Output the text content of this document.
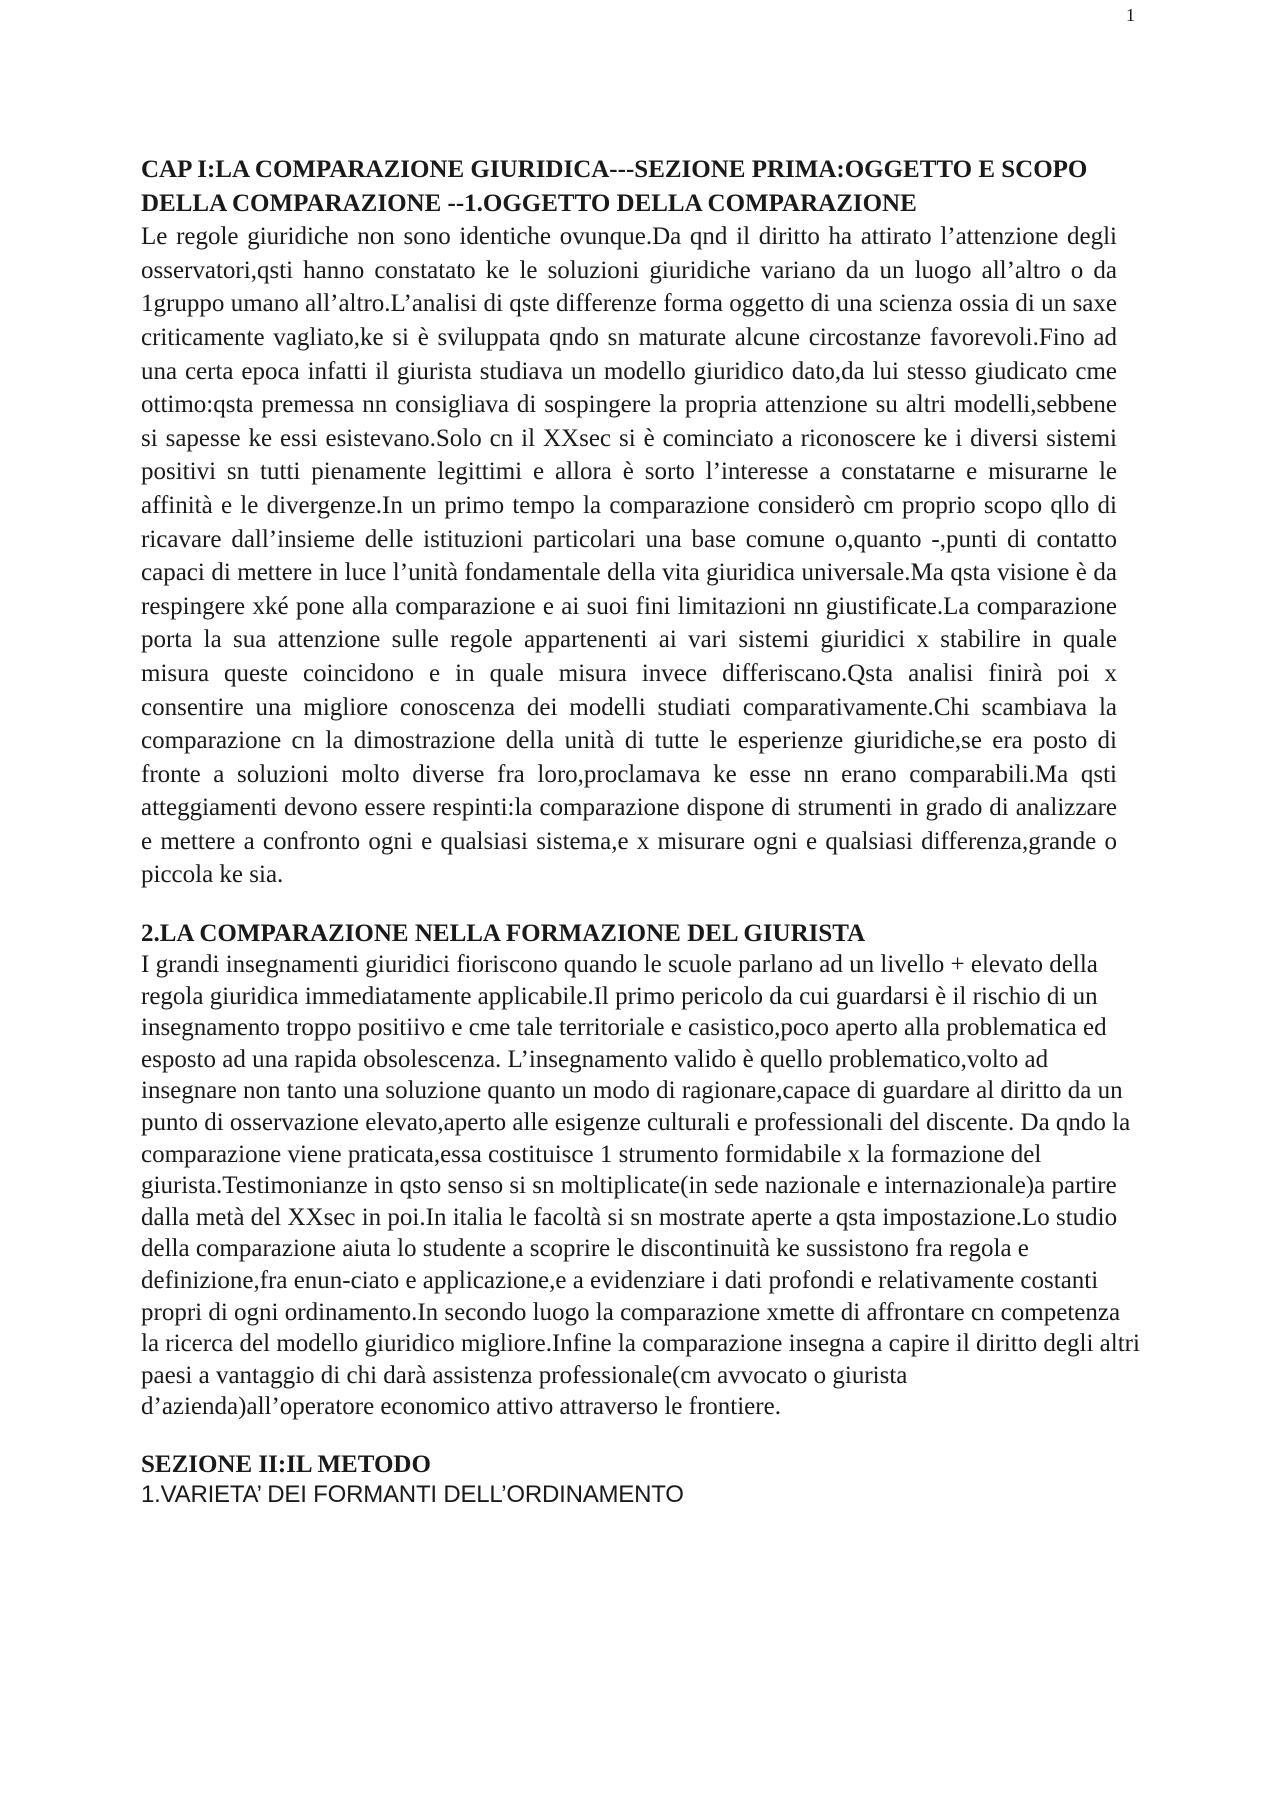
1

CAP I:LA COMPARAZIONE GIURIDICA---SEZIONE PRIMA:OGGETTO E SCOPO DELLA COMPARAZIONE --1.OGGETTO DELLA COMPARAZIONE

Le regole giuridiche non sono identiche ovunque.Da qnd il diritto ha attirato l’attenzione degli osservatori,qsti hanno constatato ke le soluzioni giuridiche variano da un luogo all’altro o da 1gruppo umano all’altro.L’analisi di qste differenze forma oggetto di una scienza ossia di un saxe criticamente vagliato,ke si è sviluppata qndo sn maturate alcune circostanze favorevoli.Fino ad una certa epoca infatti il giurista studiava un modello giuridico dato,da lui stesso giudicato cme ottimo:qsta premessa nn consigliava di sospingere la propria attenzione su altri modelli,sebbene si sapesse ke essi esistevano.Solo cn il XXsec si è cominciato a riconoscere ke i diversi sistemi positivi sn tutti pienamente legittimi e allora è sorto l’interesse a constatarne e misurarne le affinità e le divergenze.In un primo tempo la comparazione considerò cm proprio scopo qllo di ricavare dall’insieme delle istituzioni particolari una base comune o,quanto -,punti di contatto capaci di mettere in luce l’unità fondamentale della vita giuridica universale.Ma qsta visione è da respingere xké pone alla comparazione e ai suoi fini limitazioni nn giustificate.La comparazione porta la sua attenzione sulle regole appartenenti ai vari sistemi giuridici x stabilire in quale misura queste coincidono e in quale misura invece differiscano.Qsta analisi finirà poi x consentire una migliore conoscenza dei modelli studiati comparativamente.Chi scambiava la comparazione cn la dimostrazione della unità di tutte le esperienze giuridiche,se era posto di fronte a soluzioni molto diverse fra loro,proclamava ke esse nn erano comparabili.Ma qsti atteggiamenti devono essere respinti:la comparazione dispone di strumenti in grado di analizzare e mettere a confronto ogni e qualsiasi sistema,e x misurare ogni e qualsiasi differenza,grande o piccola ke sia.

2.LA COMPARAZIONE NELLA FORMAZIONE DEL GIURISTA

I grandi insegnamenti giuridici fioriscono quando le scuole parlano ad un livello + elevato della regola giuridica immediatamente applicabile.Il primo pericolo da cui guardarsi è il rischio di un insegnamento troppo positiivo e cme tale territoriale e casistico,poco aperto alla problematica ed esposto ad una rapida obsolescenza. L’insegnamento valido è quello problematico,volto ad insegnare non tanto una soluzione quanto un modo di ragionare,capace di guardare al diritto da un punto di osservazione elevato,aperto alle esigenze culturali e professionali del discente. Da qndo la comparazione viene praticata,essa costituisce 1 strumento formidabile x la formazione del giurista.Testimonianze in qsto senso si sn moltiplicate(in sede nazionale e internazionale)a partire dalla metà del XXsec in poi.In italia le facoltà si sn mostrate aperte a qsta impostazione.Lo studio della comparazione aiuta lo studente a scoprire le discontinuità ke sussistono fra regola e definizione,fra enun-ciato e applicazione,e a evidenziare i dati profondi e relativamente costanti propri di ogni ordinamento.In secondo luogo la comparazione xmette di affrontare cn competenza la ricerca del modello giuridico migliore.Infine la comparazione insegna a capire il diritto degli altri paesi a vantaggio di chi darà assistenza professionale(cm avvocato o giurista d’azienda)all’operatore economico attivo attraverso le frontiere.

SEZIONE II:IL METODO

1.VARIETA’ DEI FORMANTI DELL’ORDINAMENTO
